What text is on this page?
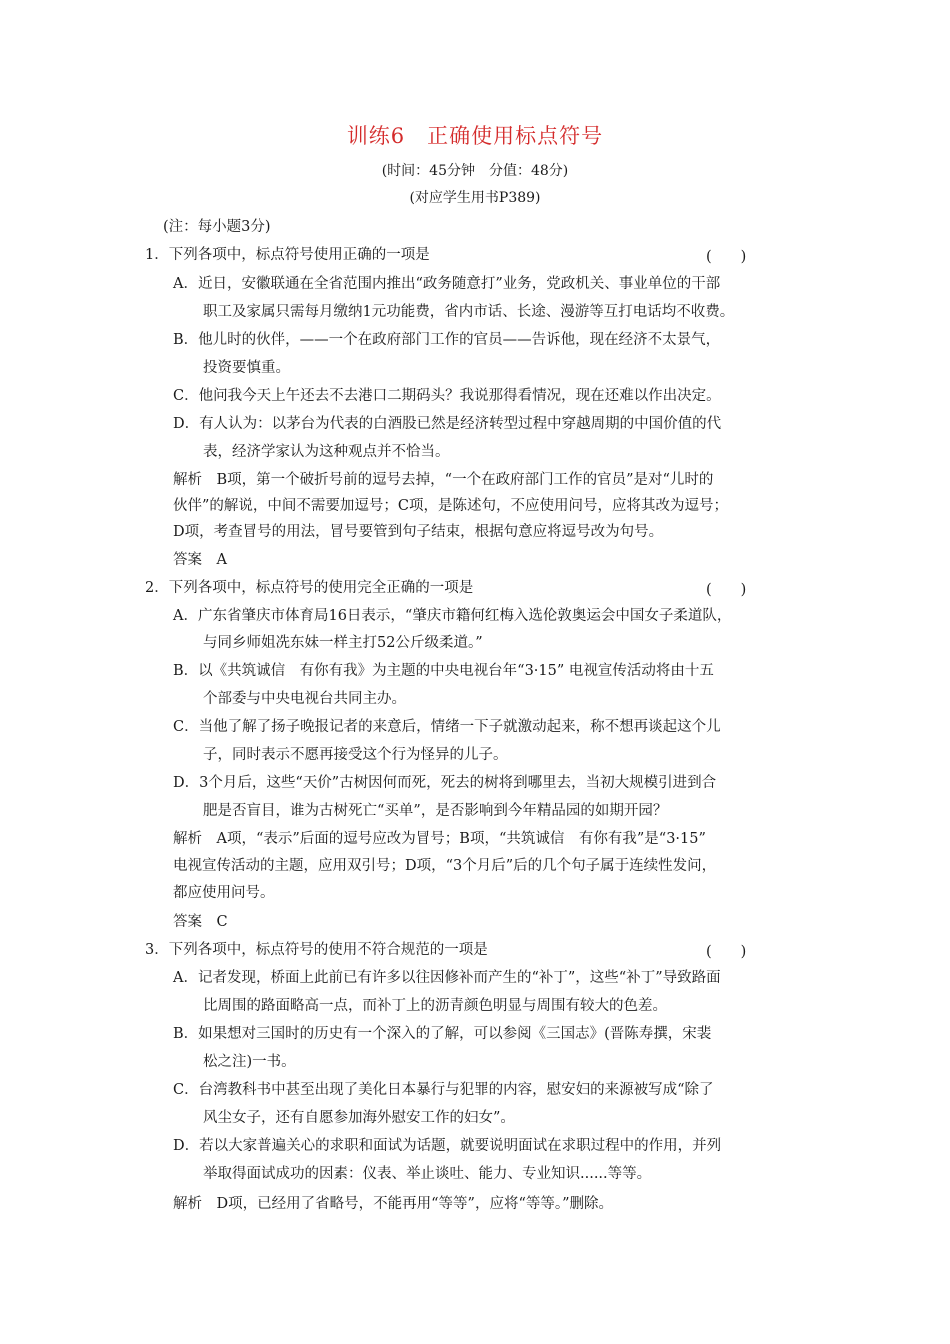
训练6　正确使用标点符号
(时间：45分钟　分值：48分)
(对应学生用书P389)
(注：每小题3分)
1．下列各项中，标点符号使用正确的一项是	(　　)
A．近日，安徽联通在全省范围内推出“政务随意打”业务，党政机关、事业单位的干部
职工及家属只需每月缴纳1元功能费，省内市话、长途、漫游等互打电话均不收费。
B．他儿时的伙伴，——一个在政府部门工作的官员——告诉他，现在经济不太景气，
投资要慎重。
C．他问我今天上午还去不去港口二期码头？我说那得看情况，现在还难以作出决定。
D．有人认为：以茅台为代表的白酒股已然是经济转型过程中穿越周期的中国价值的代
表，经济学家认为这种观点并不恰当。
解析　B项，第一个破折号前的逗号去掉，“一个在政府部门工作的官员”是对“儿时的
伙伴”的解说，中间不需要加逗号；C项，是陈述句，不应使用问号，应将其改为逗号；
D项，考查冒号的用法，冒号要管到句子结束，根据句意应将逗号改为句号。
答案　A
2．下列各项中，标点符号的使用完全正确的一项是	(　　)
A．广东省肇庆市体育局16日表示，“肇庆市籍何红梅入选伦敦奥运会中国女子柔道队，
与同乡师姐冼东妹一样主打52公斤级柔道。”
B．以《共筑诚信　有你有我》为主题的中央电视台年“3·15” 电视宣传活动将由十五
个部委与中央电视台共同主办。
C．当他了解了扬子晚报记者的来意后，情绪一下子就激动起来，称不想再谈起这个儿
子，同时表示不愿再接受这个行为怪异的儿子。
D．3个月后，这些“天价”古树因何而死，死去的树将到哪里去，当初大规模引进到合
肥是否盲目，谁为古树死亡“买单”，是否影响到今年精品园的如期开园？
解析　A项，“表示”后面的逗号应改为冒号；B项，“共筑诚信　有你有我”是“3·15”
电视宣传活动的主题，应用双引号；D项，“3个月后”后的几个句子属于连续性发问，
都应使用问号。
答案　C
3．下列各项中，标点符号的使用不符合规范的一项是	(　　)
A．记者发现，桥面上此前已有许多以往因修补而产生的“补丁”，这些“补丁”导致路面
比周围的路面略高一点，而补丁上的沥青颜色明显与周围有较大的色差。
B．如果想对三国时的历史有一个深入的了解，可以参阅《三国志》(晋陈寿撰，宋裴
松之注)一书。
C．台湾教科书中甚至出现了美化日本暴行与犯罪的内容，慰安妇的来源被写成“除了
风尘女子，还有自愿参加海外慰安工作的妇女”。
D．若以大家普遍关心的求职和面试为话题，就要说明面试在求职过程中的作用，并列
举取得面试成功的因素：仪表、举止谈吐、能力、专业知识......等等。
解析　D项，已经用了省略号，不能再用“等等”，应将“等等。”删除。
